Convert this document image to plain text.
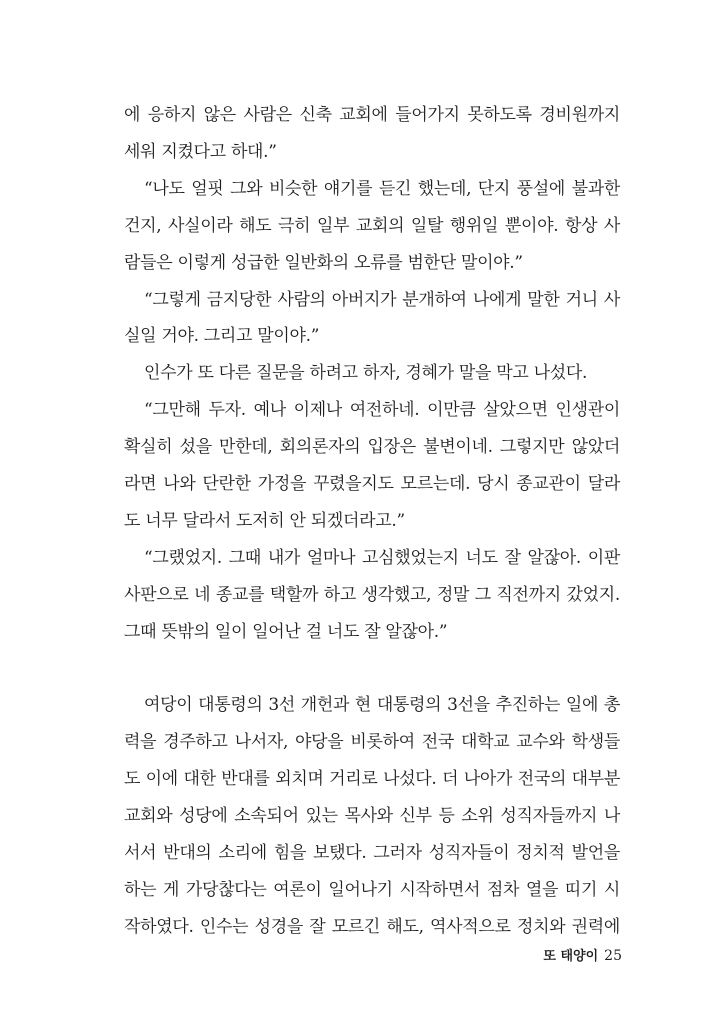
에 응하지 않은 사람은 신축 교회에 들어가지 못하도록 경비원까지
세워 지켰다고 하대.”

“나도 얼핏 그와 비슷한 얘기를 듣긴 했는데, 단지 풍설에 불과한
건지, 사실이라 해도 극히 일부 교회의 일탈 행위일 뿐이야. 항상 사
람들은 이렇게 성급한 일반화의 오류를 범한단 말이야.”

“그렇게 금지당한 사람의 아버지가 분개하여 나에게 말한 거니 사
실일 거야. 그리고 말이야.”

인수가 또 다른 질문을 하려고 하자, 경혜가 말을 막고 나섰다.

“그만해 두자. 예나 이제나 여전하네. 이만큼 살았으면 인생관이
확실히 섰을 만한데, 회의론자의 입장은 불변이네. 그렇지만 않았더
라면 나와 단란한 가정을 꾸렸을지도 모르는데. 당시 종교관이 달라
도 너무 달라서 도저히 안 되겠더라고.”

“그랬었지. 그때 내가 얼마나 고심했었는지 너도 잘 알잖아. 이판
사판으로 네 종교를 택할까 하고 생각했고, 정말 그 직전까지 갔었지.
그때 뜻밖의 일이 일어난 걸 너도 잘 알잖아.”

여당이 대통령의 3선 개헌과 현 대통령의 3선을 추진하는 일에 총
력을 경주하고 나서자, 야당을 비롯하여 전국 대학교 교수와 학생들
도 이에 대한 반대를 외치며 거리로 나섰다. 더 나아가 전국의 대부분
교회와 성당에 소속되어 있는 목사와 신부 등 소위 성직자들까지 나
서서 반대의 소리에 힘을 보탰다. 그러자 성직자들이 정치적 발언을
하는 게 가당찮다는 여론이 일어나기 시작하면서 점차 열을 띠기 시
작하였다. 인수는 성경을 잘 모르긴 해도, 역사적으로 정치와 권력에

또 태양이 25
